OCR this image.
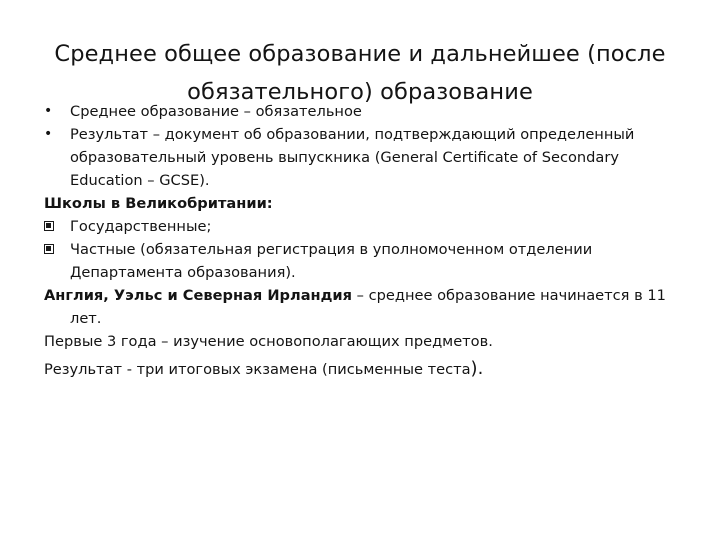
Среднее общее образование и дальнейшее (после
обязательного) образование
•	Среднее образование – обязательное
•	Результат – документ об образовании, подтверждающий определенный образовательный уровень выпускника (General Certificate of Secondary Education – GCSE).

Школы в Великобритании:

Государственные;
Частные (обязательная регистрация в уполномоченном отделении Департамента образования).

Англия, Уэльс и Северная Ирландия – среднее образование начинается в 11 лет.

Первые 3 года – изучение основополагающих предметов.

Результат - три итоговых экзамена (письменные теста).
